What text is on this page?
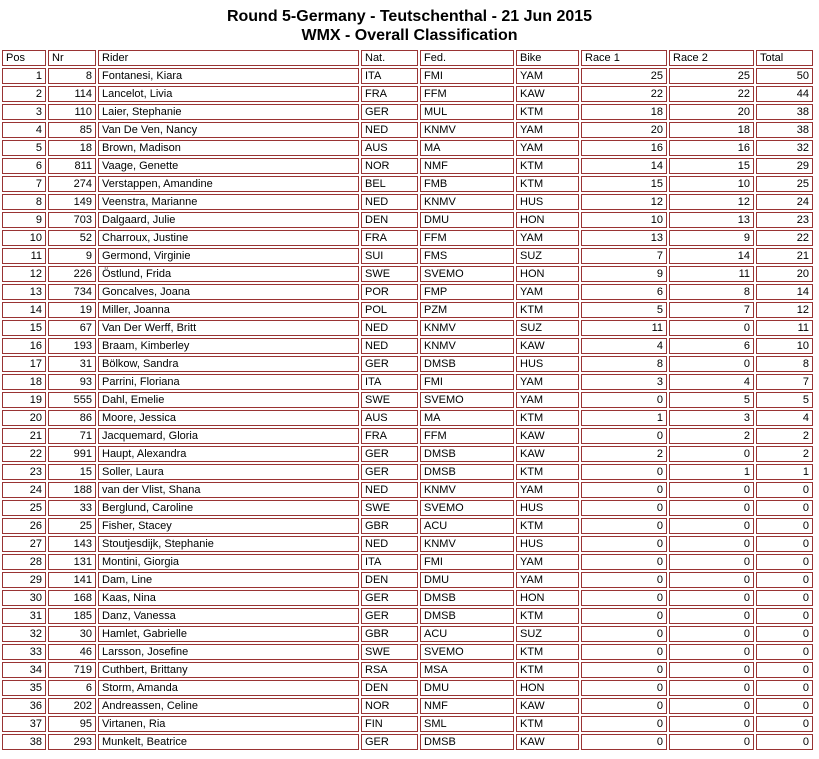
Round 5-Germany - Teutschenthal - 21 Jun 2015
WMX - Overall Classification
Pos	Nr	Rider	Nat.	Fed.	Bike	Race 1	Race 2	Total
1	8	Fontanesi, Kiara	ITA	FMI	YAM	25	25	50
2	114	Lancelot, Livia	FRA	FFM	KAW	22	22	44
3	110	Laier, Stephanie	GER	MUL	KTM	18	20	38
4	85	Van De Ven, Nancy	NED	KNMV	YAM	20	18	38
5	18	Brown, Madison	AUS	MA	YAM	16	16	32
6	811	Vaage, Genette	NOR	NMF	KTM	14	15	29
7	274	Verstappen, Amandine	BEL	FMB	KTM	15	10	25
8	149	Veenstra, Marianne	NED	KNMV	HUS	12	12	24
9	703	Dalgaard, Julie	DEN	DMU	HON	10	13	23
10	52	Charroux, Justine	FRA	FFM	YAM	13	9	22
11	9	Germond, Virginie	SUI	FMS	SUZ	7	14	21
12	226	Östlund, Frida	SWE	SVEMO	HON	9	11	20
13	734	Goncalves, Joana	POR	FMP	YAM	6	8	14
14	19	Miller, Joanna	POL	PZM	KTM	5	7	12
15	67	Van Der Werff, Britt	NED	KNMV	SUZ	11	0	11
16	193	Braam, Kimberley	NED	KNMV	KAW	4	6	10
17	31	Bölkow, Sandra	GER	DMSB	HUS	8	0	8
18	93	Parrini, Floriana	ITA	FMI	YAM	3	4	7
19	555	Dahl, Emelie	SWE	SVEMO	YAM	0	5	5
20	86	Moore, Jessica	AUS	MA	KTM	1	3	4
21	71	Jacquemard, Gloria	FRA	FFM	KAW	0	2	2
22	991	Haupt, Alexandra	GER	DMSB	KAW	2	0	2
23	15	Soller, Laura	GER	DMSB	KTM	0	1	1
24	188	van der Vlist, Shana	NED	KNMV	YAM	0	0	0
25	33	Berglund, Caroline	SWE	SVEMO	HUS	0	0	0
26	25	Fisher, Stacey	GBR	ACU	KTM	0	0	0
27	143	Stoutjesdijk, Stephanie	NED	KNMV	HUS	0	0	0
28	131	Montini, Giorgia	ITA	FMI	YAM	0	0	0
29	141	Dam, Line	DEN	DMU	YAM	0	0	0
30	168	Kaas, Nina	GER	DMSB	HON	0	0	0
31	185	Danz, Vanessa	GER	DMSB	KTM	0	0	0
32	30	Hamlet, Gabrielle	GBR	ACU	SUZ	0	0	0
33	46	Larsson, Josefine	SWE	SVEMO	KTM	0	0	0
34	719	Cuthbert, Brittany	RSA	MSA	KTM	0	0	0
35	6	Storm, Amanda	DEN	DMU	HON	0	0	0
36	202	Andreassen, Celine	NOR	NMF	KAW	0	0	0
37	95	Virtanen, Ria	FIN	SML	KTM	0	0	0
38	293	Munkelt, Beatrice	GER	DMSB	KAW	0	0	0
